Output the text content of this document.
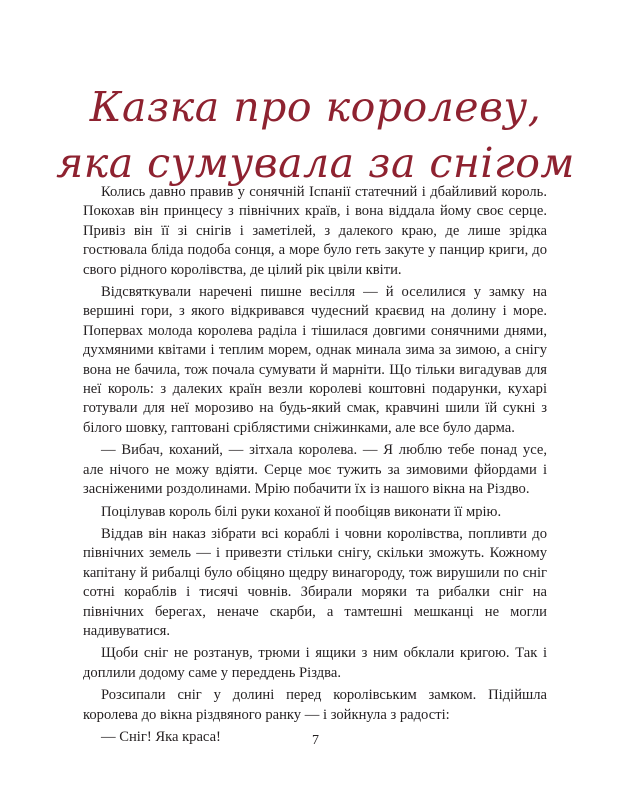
Казка про королеву,
яка сумувала за снігом

Колись давно правив у сонячній Іспанії статечний і дбайливий король. Покохав він принцесу з північних країв, і вона віддала йому своє серце. Привіз він її зі снігів і заметілей, з далекого краю, де лише зрідка гостювала бліда подоба сонця, а море було геть закуте у панцир криги, до свого рідного королівства, де цілий рік цвіли квіти.

Відсвяткували наречені пишне весілля — й оселилися у замку на вершині гори, з якого відкривався чудесний краєвид на долину і море. Поперваx молода королева раділа і тішилася довгими сонячними днями, духмяними квітами і теплим морем, однак минала зима за зимою, а снігу вона не бачила, тож почала сумувати й марніти. Що тільки вигадував для неї король: з далеких країн везли королеві коштовні подарунки, кухарі готували для неї морозиво на будь-який смак, кравчині шили їй сукні з білого шовку, гаптовані сріблястими сніжинками, але все було дарма.

— Вибач, коханий, — зітхала королева. — Я люблю тебе понад усе, але нічого не можу вдіяти. Серце моє тужить за зимовими фйордами і засніженими роздолинами. Мрію побачити їх із нашого вікна на Різдво.

Поцілував король білі руки коханої й пообіцяв виконати її мрію.

Віддав він наказ зібрати всі кораблі і човни королівства, попливти до північних земель — і привезти стільки снігу, скільки зможуть. Кожному капітану й рибалці було обіцяно щедру винагороду, тож вирушили по сніг сотні кораблів і тисячі човнів. Збирали моряки та рибалки сніг на північних берегах, неначе скарби, а тамтешні мешканці не могли надивуватися.

Щоби сніг не розтанув, трюми і ящики з ним обклали кригою. Так і доплили додому саме у переддень Різдва.

Розсипали сніг у долині перед королівським замком. Підійшла королева до вікна різдвяного ранку — і зойкнула з радості:

— Сніг! Яка краса!	7
